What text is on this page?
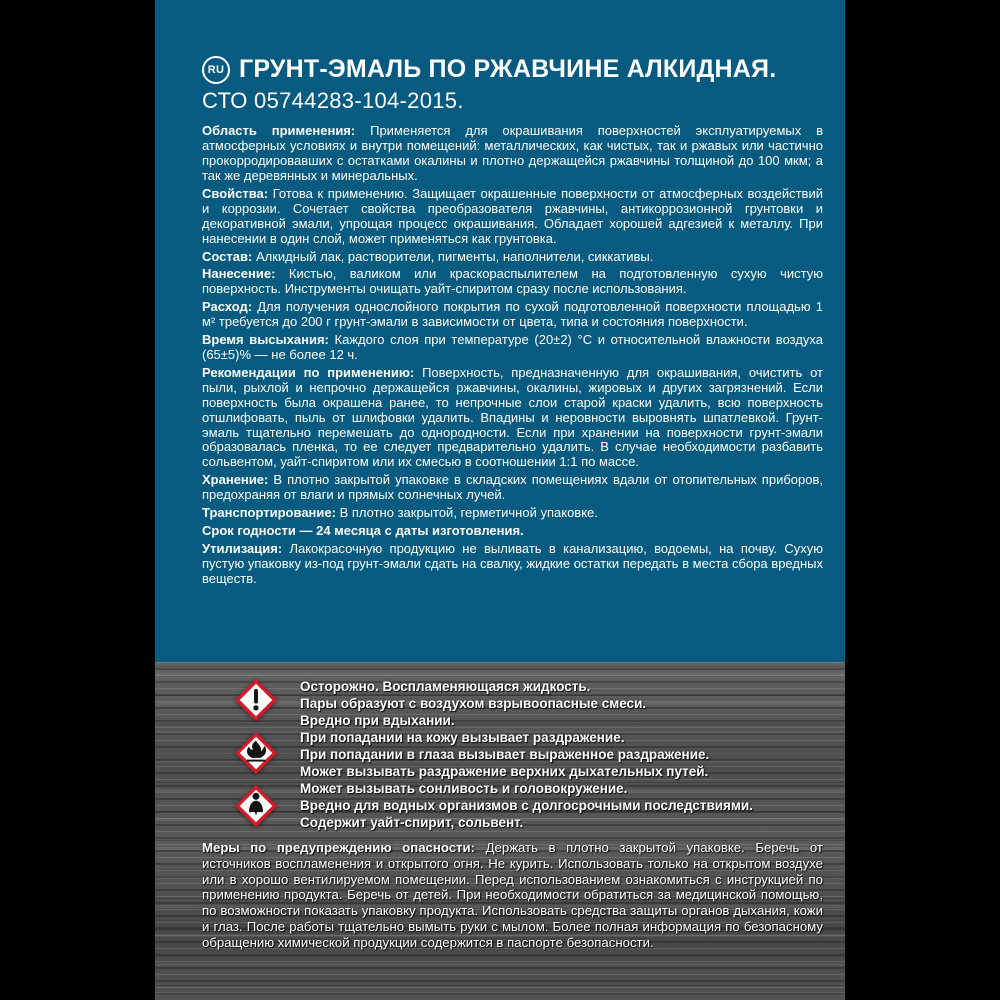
RU ГРУНТ-ЭМАЛЬ ПО РЖАВЧИНЕ АЛКИДНАЯ.
СТО 05744283-104-2015.

Область применения: Применяется для окрашивания поверхностей эксплуатируемых в атмосферных условиях и внутри помещений: металлических, как чистых, так и ржавых или частично прокорродировавших с остатками окалины и плотно держащейся ржавчины толщиной до 100 мкм; а так же деревянных и минеральных.

Свойства: Готова к применению. Защищает окрашенные поверхности от атмосферных воздействий и коррозии. Сочетает свойства преобразователя ржавчины, антикоррозионной грунтовки и декоративной эмали, упрощая процесс окрашивания. Обладает хорошей адгезией к металлу. При нанесении в один слой, может применяться как грунтовка.

Состав: Алкидный лак, растворители, пигменты, наполнители, сиккативы.

Нанесение: Кистью, валиком или краскораспылителем на подготовленную сухую чистую поверхность. Инструменты очищать уайт-спиритом сразу после использования.

Расход: Для получения однослойного покрытия по сухой подготовленной поверхности площадью 1 м² требуется до 200 г грунт-эмали в зависимости от цвета, типа и состояния поверхности.

Время высыхания: Каждого слоя при температуре (20±2) °С и относительной влажности воздуха (65±5)% — не более 12 ч.

Рекомендации по применению: Поверхность, предназначенную для окрашивания, очистить от пыли, рыхлой и непрочно держащейся ржавчины, окалины, жировых и других загрязнений. Если поверхность была окрашена ранее, то непрочные слои старой краски удалить, всю поверхность отшлифовать, пыль от шлифовки удалить. Впадины и неровности выровнять шпатлевкой. Грунт-эмаль тщательно перемешать до однородности. Если при хранении на поверхности грунт-эмали образовалась пленка, то ее следует предварительно удалить. В случае необходимости разбавить сольвентом, уайт-спиритом или их смесью в соотношении 1:1 по массе.

Хранение: В плотно закрытой упаковке в складских помещениях вдали от отопительных приборов, предохраняя от влаги и прямых солнечных лучей.

Транспортирование: В плотно закрытой, герметичной упаковке.

Срок годности — 24 месяца с даты изготовления.

Утилизация: Лакокрасочную продукцию не выливать в канализацию, водоемы, на почву. Сухую пустую упаковку из-под грунт-эмали сдать на свалку, жидкие остатки передать в места сбора вредных веществ.

Осторожно. Воспламеняющаяся жидкость.
Пары образуют с воздухом взрывоопасные смеси.
Вредно при вдыхании.
При попадании на кожу вызывает раздражение.
При попадании в глаза вызывает выраженное раздражение.
Может вызывать раздражение верхних дыхательных путей.
Может вызывать сонливость и головокружение.
Вредно для водных организмов с долгосрочными последствиями.
Содержит уайт-спирит, сольвент.

Меры по предупреждению опасности: Держать в плотно закрытой упаковке. Беречь от источников воспламенения и открытого огня. Не курить. Использовать только на открытом воздухе или в хорошо вентилируемом помещении. Перед использованием ознакомиться с инструкцией по применению продукта. Беречь от детей. При необходимости обратиться за медицинской помощью, по возможности показать упаковку продукта. Использовать средства защиты органов дыхания, кожи и глаз. После работы тщательно вымыть руки с мылом. Более полная информация по безопасному обращению химической продукции содержится в паспорте безопасности.
